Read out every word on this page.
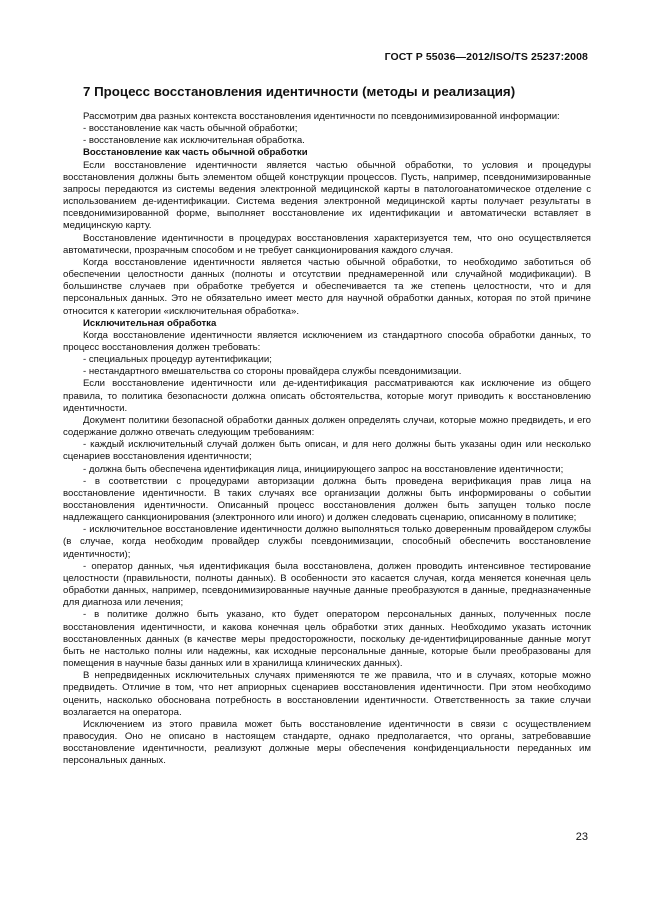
ГОСТ Р 55036—2012/ISO/TS 25237:2008
7 Процесс восстановления идентичности (методы и реализация)

Рассмотрим два разных контекста восстановления идентичности по псевдонимизированной информации:

- восстановление как часть обычной обработки;

- восстановление как исключительная обработка.

Восстановление как часть обычной обработки

Если восстановление идентичности является частью обычной обработки, то условия и процедуры восстановления должны быть элементом общей конструкции процессов. Пусть, например, псевдонимизированные запросы передаются из системы ведения электронной медицинской карты в патологоанатомическое отделение с использованием де-идентификации. Система ведения электронной медицинской карты получает результаты в псевдонимизированной форме, выполняет восстановление их идентификации и автоматически вставляет в медицинскую карту.

Восстановление идентичности в процедурах восстановления характеризуется тем, что оно осуществляется автоматически, прозрачным способом и не требует санкционирования каждого случая.

Когда восстановление идентичности является частью обычной обработки, то необходимо заботиться об обеспечении целостности данных (полноты и отсутствии преднамеренной или случайной модификации). В большинстве случаев при обработке требуется и обеспечивается та же степень целостности, что и для персональных данных. Это не обязательно имеет место для научной обработки данных, которая по этой причине относится к категории «исключительная обработка».

Исключительная обработка

Когда восстановление идентичности является исключением из стандартного способа обработки данных, то процесс восстановления должен требовать:

- специальных процедур аутентификации;

- нестандартного вмешательства со стороны провайдера службы псевдонимизации.

Если восстановление идентичности или де-идентификация рассматриваются как исключение из общего правила, то политика безопасности должна описать обстоятельства, которые могут приводить к восстановлению идентичности.

Документ политики безопасной обработки данных должен определять случаи, которые можно предвидеть, и его содержание должно отвечать следующим требованиям:

- каждый исключительный случай должен быть описан, и для него должны быть указаны один или несколько сценариев восстановления идентичности;

- должна быть обеспечена идентификация лица, инициирующего запрос на восстановление идентичности;

- в соответствии с процедурами авторизации должна быть проведена верификация прав лица на восстановление идентичности. В таких случаях все организации должны быть информированы о событии восстановления идентичности. Описанный процесс восстановления должен быть запущен только после надлежащего санкционирования (электронного или иного) и должен следовать сценарию, описанному в политике;

- исключительное восстановление идентичности должно выполняться только доверенным провайдером службы (в случае, когда необходим провайдер службы псевдонимизации, способный обеспечить восстановление идентичности);

- оператор данных, чья идентификация была восстановлена, должен проводить интенсивное тестирование целостности (правильности, полноты данных). В особенности это касается случая, когда меняется конечная цель обработки данных, например, псевдонимизированные научные данные преобразуются в данные, предназначенные для диагноза или лечения;

- в политике должно быть указано, кто будет оператором персональных данных, полученных после восстановления идентичности, и какова конечная цель обработки этих данных. Необходимо указать источник восстановленных данных (в качестве меры предосторожности, поскольку де-идентифицированные данные могут быть не настолько полны или надежны, как исходные персональные данные, которые были преобразованы для помещения в научные базы данных или в хранилища клинических данных).

В непредвиденных исключительных случаях применяются те же правила, что и в случаях, которые можно предвидеть. Отличие в том, что нет априорных сценариев восстановления идентичности. При этом необходимо оценить, насколько обоснована потребность в восстановлении идентичности. Ответственность за такие случаи возлагается на оператора.

Исключением из этого правила может быть восстановление идентичности в связи с осуществлением правосудия. Оно не описано в настоящем стандарте, однако предполагается, что органы, затребовавшие восстановление идентичности, реализуют должные меры обеспечения конфиденциальности переданных им персональных данных.

23
